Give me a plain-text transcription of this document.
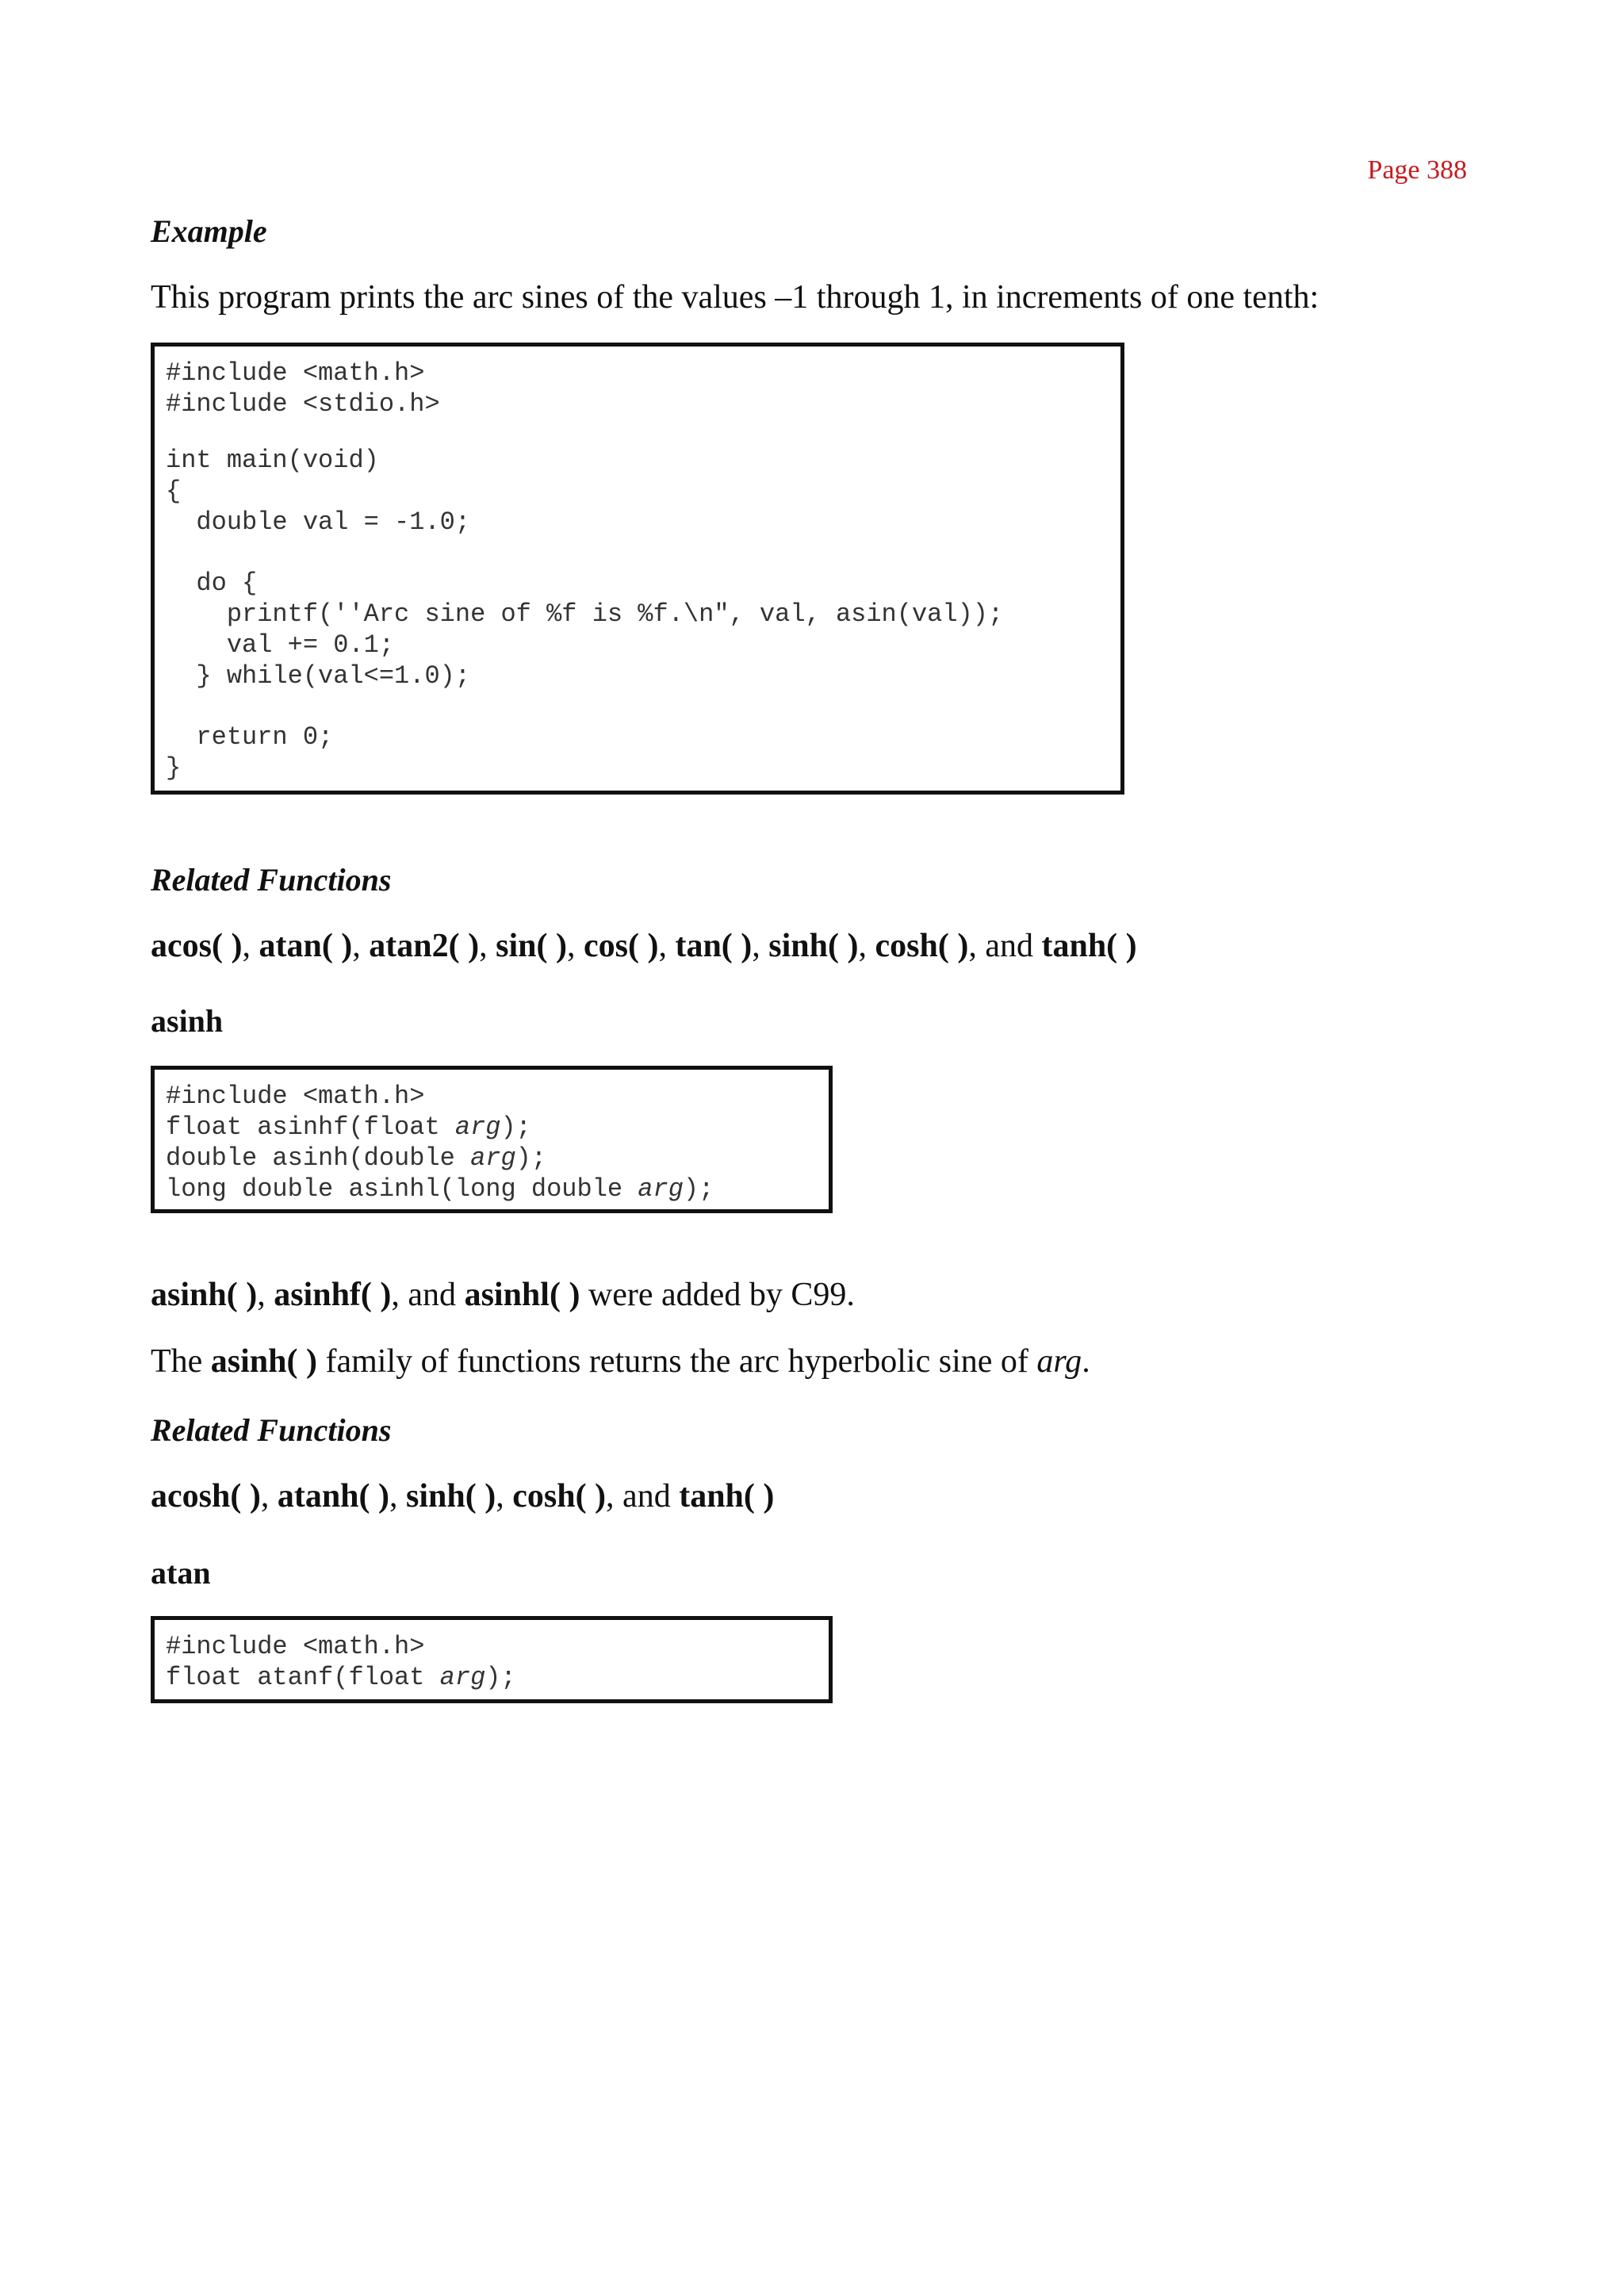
Page 388
Example
This program prints the arc sines of the values –1 through 1, in increments of one tenth:
#include <math.h>
#include <stdio.h>
int main(void)
{
double val = -1.0;
do {
printf(''Arc sine of %f is %f.\n", val, asin(val));
val += 0.1;
} while(val<=1.0);
return 0;
}
Related Functions
acos( ), atan( ), atan2( ), sin( ), cos( ), tan( ), sinh( ), cosh( ), and tanh( )
asinh
#include <math.h>
float asinhf(float arg);
double asinh(double arg);
long double asinhl(long double arg);
asinh( ), asinhf( ), and asinhl( ) were added by C99.
The asinh( ) family of functions returns the arc hyperbolic sine of arg.
Related Functions
acosh( ), atanh( ), sinh( ), cosh( ), and tanh( )
atan
#include <math.h>
float atanf(float arg);
